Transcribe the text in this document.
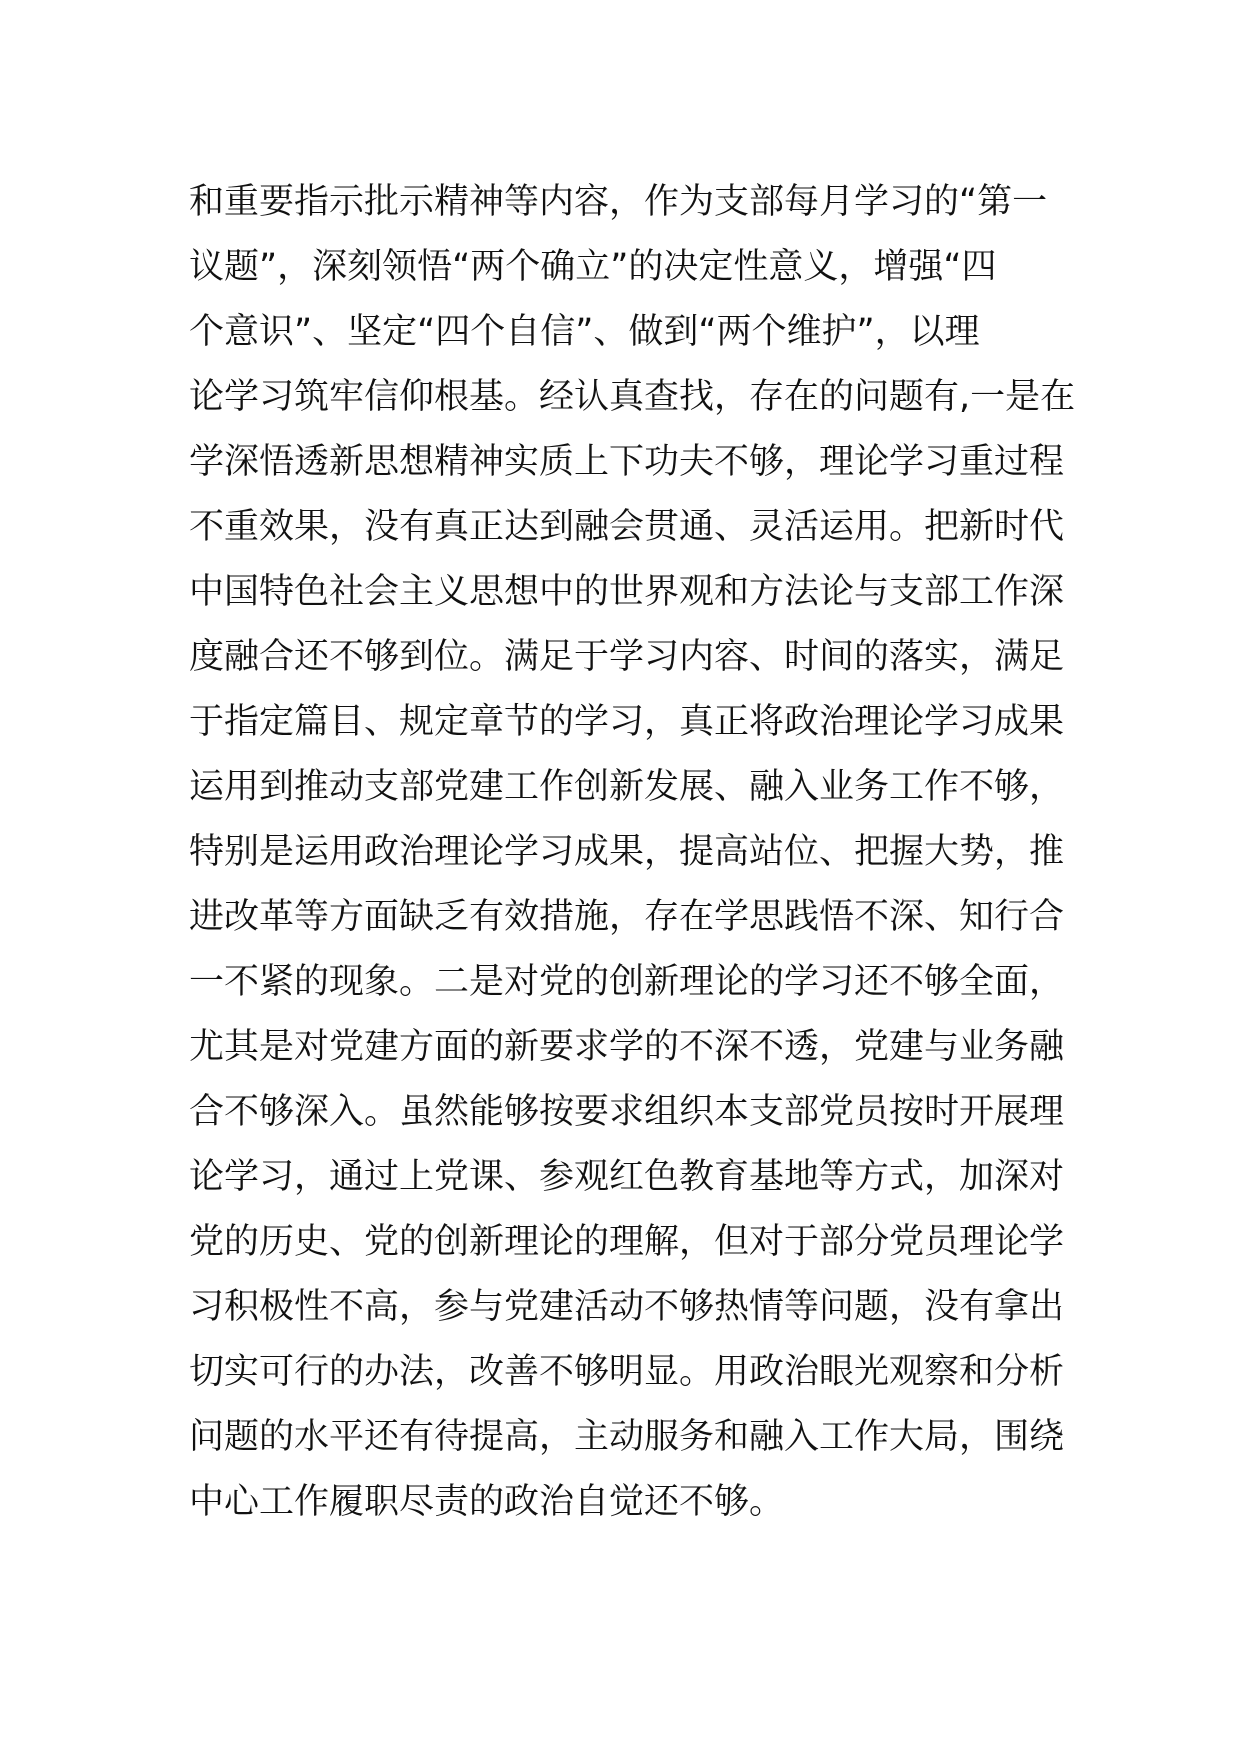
和重要指示批示精神等内容，作为支部每月学习的“第一
议题”，深刻领悟“两个确立”的决定性意义，增强“四
个意识”、坚定“四个自信”、做到“两个维护”，以理
论学习筑牢信仰根基。经认真查找，存在的问题有,一是在
学深悟透新思想精神实质上下功夫不够，理论学习重过程
不重效果，没有真正达到融会贯通、灵活运用。把新时代
中国特色社会主义思想中的世界观和方法论与支部工作深
度融合还不够到位。满足于学习内容、时间的落实，满足
于指定篇目、规定章节的学习，真正将政治理论学习成果
运用到推动支部党建工作创新发展、融入业务工作不够，
特别是运用政治理论学习成果，提高站位、把握大势，推
进改革等方面缺乏有效措施，存在学思践悟不深、知行合
一不紧的现象。二是对党的创新理论的学习还不够全面，
尤其是对党建方面的新要求学的不深不透，党建与业务融
合不够深入。虽然能够按要求组织本支部党员按时开展理
论学习，通过上党课、参观红色教育基地等方式，加深对
党的历史、党的创新理论的理解，但对于部分党员理论学
习积极性不高，参与党建活动不够热情等问题，没有拿出
切实可行的办法，改善不够明显。用政治眼光观察和分析
问题的水平还有待提高，主动服务和融入工作大局，围绕
中心工作履职尽责的政治自觉还不够。
